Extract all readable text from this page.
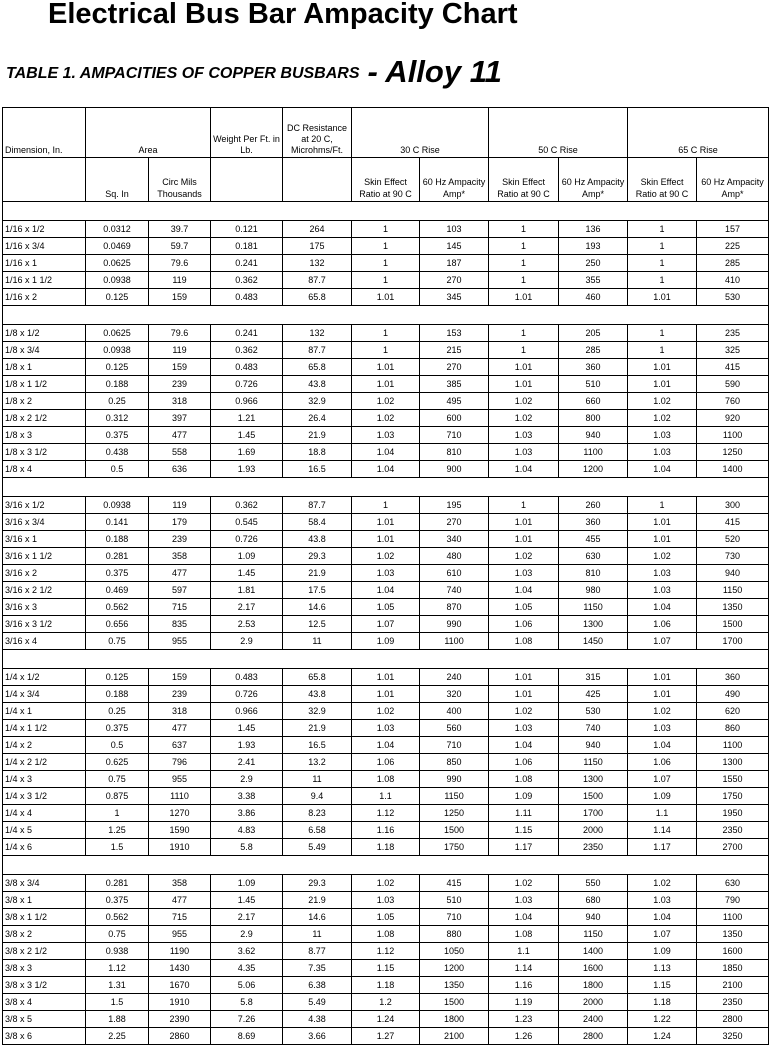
Electrical Bus Bar Ampacity Chart
TABLE 1. AMPACITIES OF COPPER BUSBARS - Alloy 11
Dimension, In.	Area		Weight Per Ft. in Lb.	DC Resistance at 20 C, Microhms/Ft.	30 C Rise		50 C Rise		65 C Rise	
	Sq. In	Circ Mils Thousands			Skin Effect Ratio at 90 C	60 Hz Ampacity Amp*	Skin Effect Ratio at 90 C	60 Hz Ampacity Amp*	Skin Effect Ratio at 90 C	60 Hz Ampacity Amp*

1/16 x 1/2	0.0312	39.7	0.121	264	1	103	1	136	1	157
1/16 x 3/4	0.0469	59.7	0.181	175	1	145	1	193	1	225
1/16 x 1	0.0625	79.6	0.241	132	1	187	1	250	1	285
1/16 x 1 1/2	0.0938	119	0.362	87.7	1	270	1	355	1	410
1/16 x 2	0.125	159	0.483	65.8	1.01	345	1.01	460	1.01	530

1/8 x 1/2	0.0625	79.6	0.241	132	1	153	1	205	1	235
1/8 x 3/4	0.0938	119	0.362	87.7	1	215	1	285	1	325
1/8 x 1	0.125	159	0.483	65.8	1.01	270	1.01	360	1.01	415
1/8 x 1 1/2	0.188	239	0.726	43.8	1.01	385	1.01	510	1.01	590
1/8 x 2	0.25	318	0.966	32.9	1.02	495	1.02	660	1.02	760
1/8 x 2 1/2	0.312	397	1.21	26.4	1.02	600	1.02	800	1.02	920
1/8 x 3	0.375	477	1.45	21.9	1.03	710	1.03	940	1.03	1100
1/8 x 3 1/2	0.438	558	1.69	18.8	1.04	810	1.03	1100	1.03	1250
1/8 x 4	0.5	636	1.93	16.5	1.04	900	1.04	1200	1.04	1400

3/16 x 1/2	0.0938	119	0.362	87.7	1	195	1	260	1	300
3/16 x 3/4	0.141	179	0.545	58.4	1.01	270	1.01	360	1.01	415
3/16 x 1	0.188	239	0.726	43.8	1.01	340	1.01	455	1.01	520
3/16 x 1 1/2	0.281	358	1.09	29.3	1.02	480	1.02	630	1.02	730
3/16 x 2	0.375	477	1.45	21.9	1.03	610	1.03	810	1.03	940
3/16 x 2 1/2	0.469	597	1.81	17.5	1.04	740	1.04	980	1.03	1150
3/16 x 3	0.562	715	2.17	14.6	1.05	870	1.05	1150	1.04	1350
3/16 x 3 1/2	0.656	835	2.53	12.5	1.07	990	1.06	1300	1.06	1500
3/16 x 4	0.75	955	2.9	11	1.09	1100	1.08	1450	1.07	1700

1/4 x 1/2	0.125	159	0.483	65.8	1.01	240	1.01	315	1.01	360
1/4 x 3/4	0.188	239	0.726	43.8	1.01	320	1.01	425	1.01	490
1/4 x 1	0.25	318	0.966	32.9	1.02	400	1.02	530	1.02	620
1/4 x 1 1/2	0.375	477	1.45	21.9	1.03	560	1.03	740	1.03	860
1/4 x 2	0.5	637	1.93	16.5	1.04	710	1.04	940	1.04	1100
1/4 x 2 1/2	0.625	796	2.41	13.2	1.06	850	1.06	1150	1.06	1300
1/4 x 3	0.75	955	2.9	11	1.08	990	1.08	1300	1.07	1550
1/4 x 3 1/2	0.875	1110	3.38	9.4	1.1	1150	1.09	1500	1.09	1750
1/4 x 4	1	1270	3.86	8.23	1.12	1250	1.11	1700	1.1	1950
1/4 x 5	1.25	1590	4.83	6.58	1.16	1500	1.15	2000	1.14	2350
1/4 x 6	1.5	1910	5.8	5.49	1.18	1750	1.17	2350	1.17	2700

3/8 x 3/4	0.281	358	1.09	29.3	1.02	415	1.02	550	1.02	630
3/8 x 1	0.375	477	1.45	21.9	1.03	510	1.03	680	1.03	790
3/8 x 1 1/2	0.562	715	2.17	14.6	1.05	710	1.04	940	1.04	1100
3/8 x 2	0.75	955	2.9	11	1.08	880	1.08	1150	1.07	1350
3/8 x 2 1/2	0.938	1190	3.62	8.77	1.12	1050	1.1	1400	1.09	1600
3/8 x 3	1.12	1430	4.35	7.35	1.15	1200	1.14	1600	1.13	1850
3/8 x 3 1/2	1.31	1670	5.06	6.38	1.18	1350	1.16	1800	1.15	2100
3/8 x 4	1.5	1910	5.8	5.49	1.2	1500	1.19	2000	1.18	2350
3/8 x 5	1.88	2390	7.26	4.38	1.24	1800	1.23	2400	1.22	2800
3/8 x 6	2.25	2860	8.69	3.66	1.27	2100	1.26	2800	1.24	3250
